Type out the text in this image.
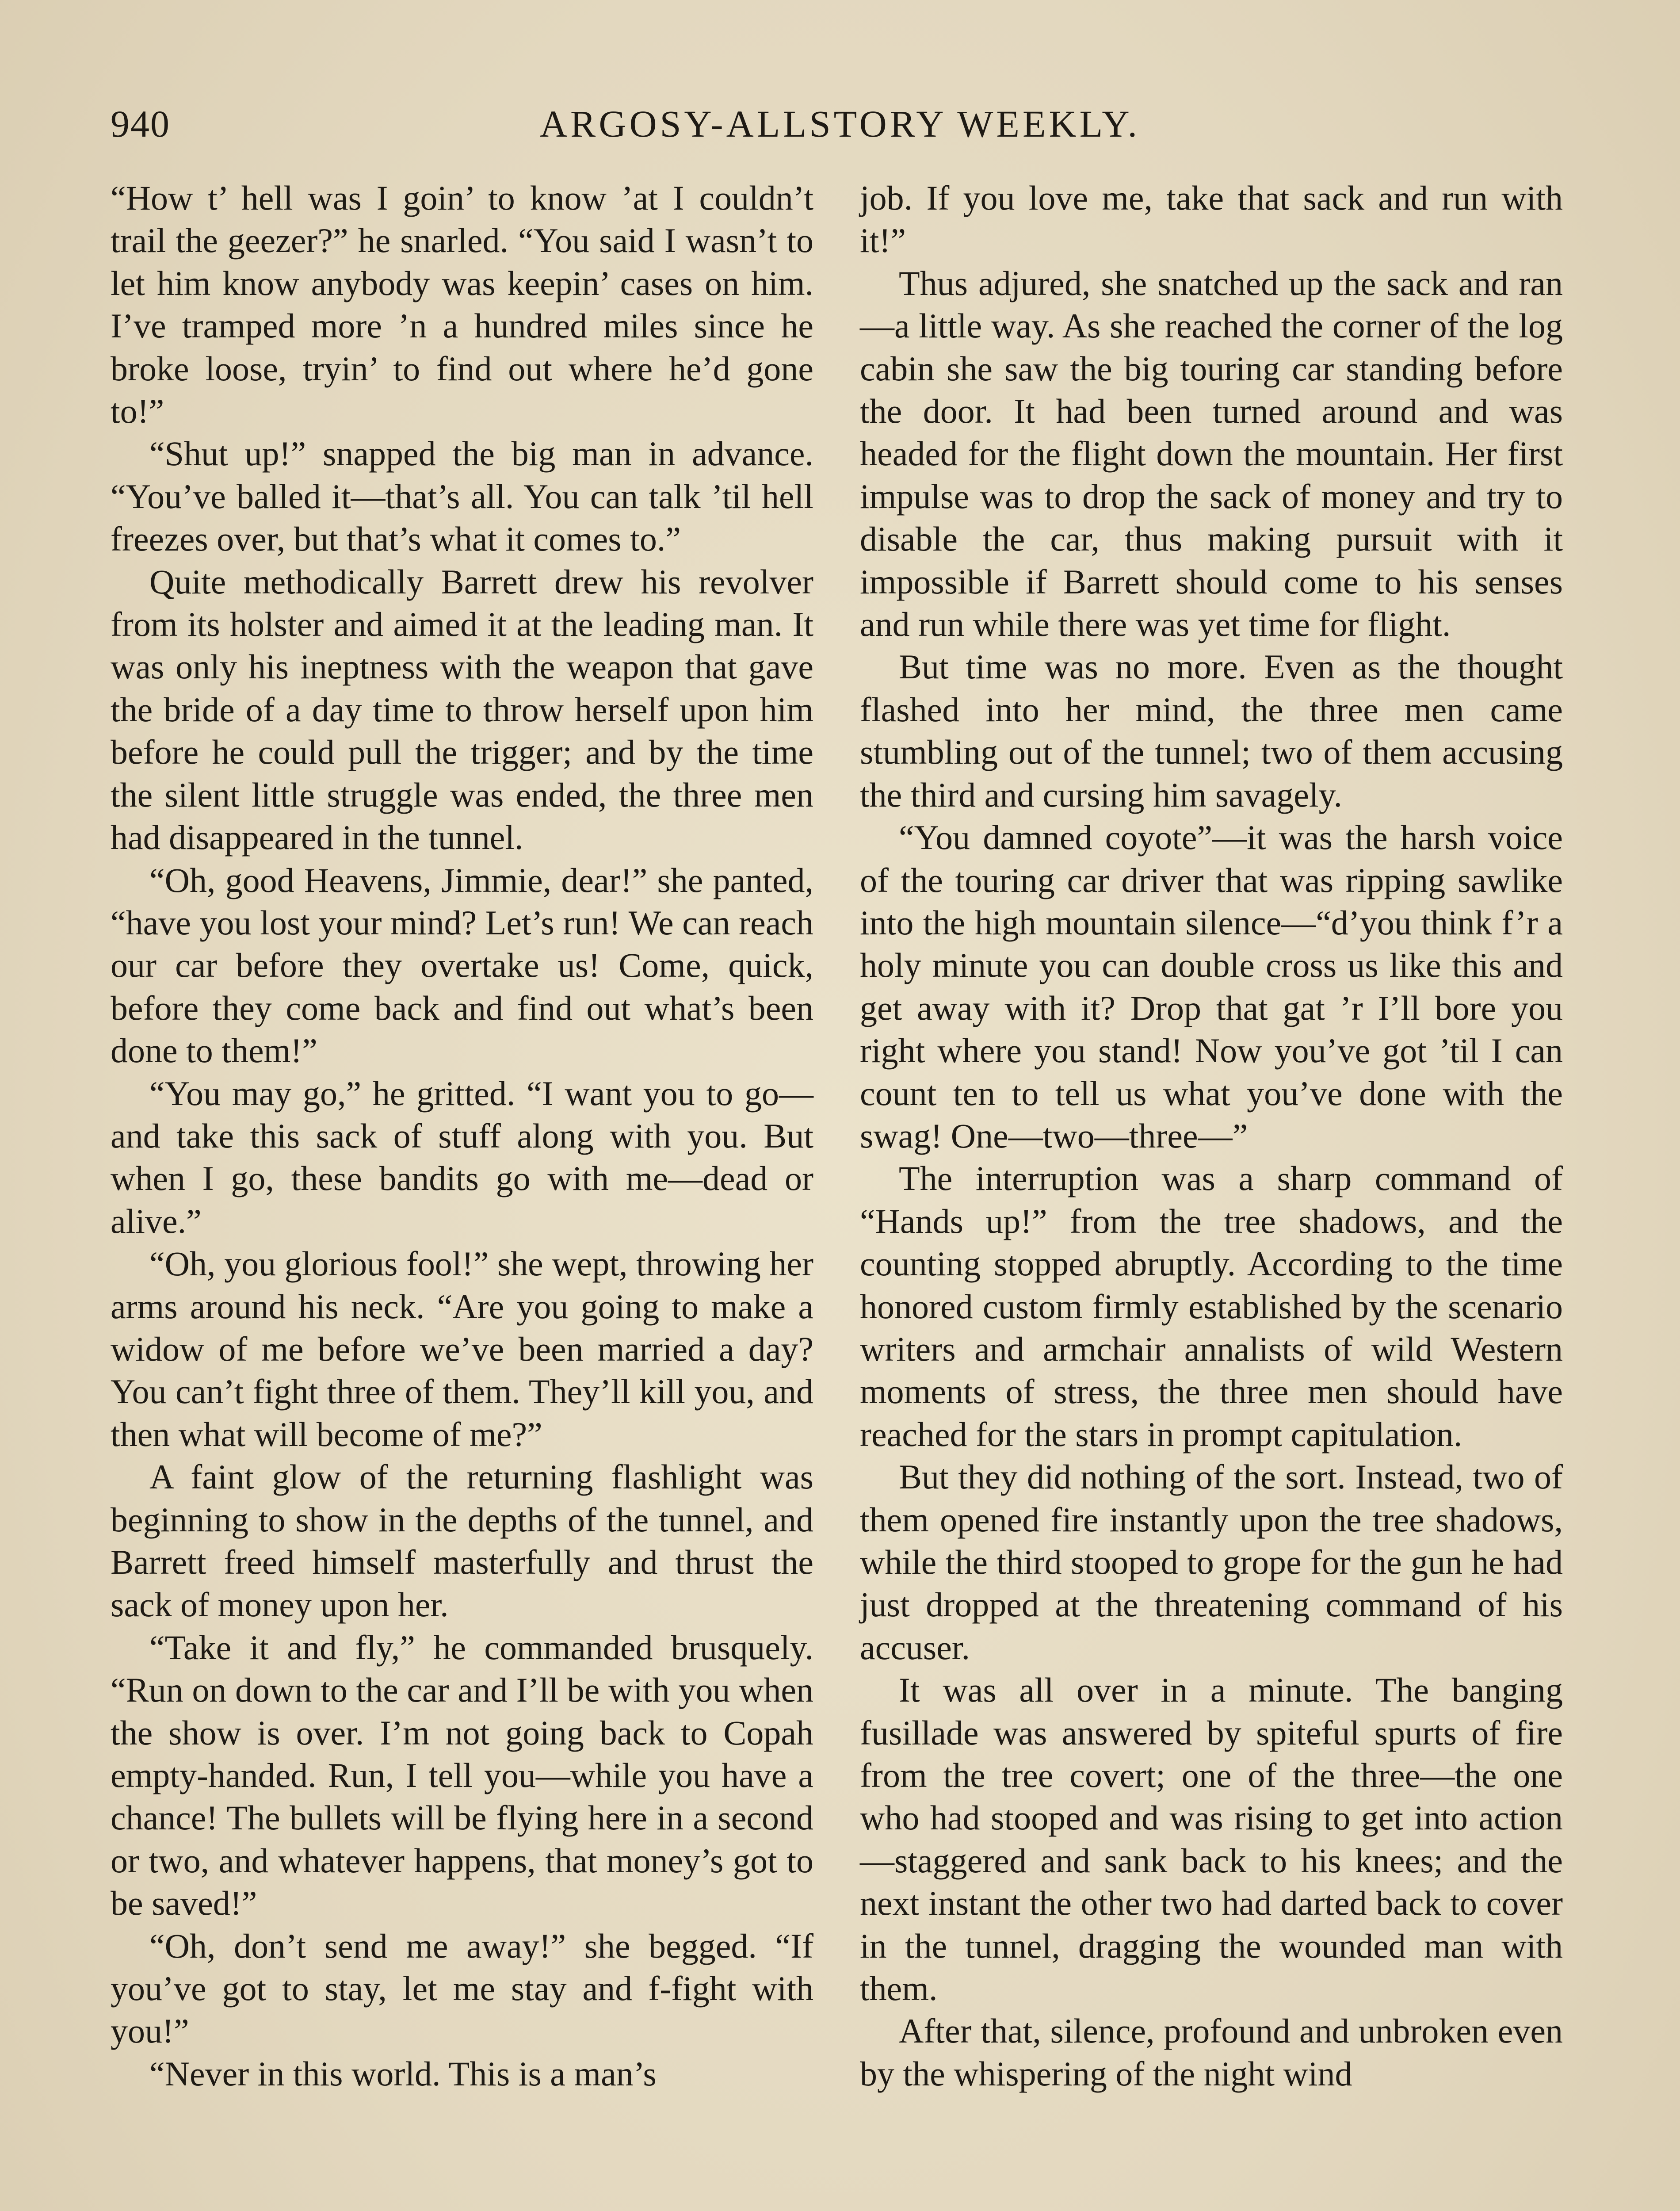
940	ARGOSY-ALLSTORY WEEKLY.

“How t’ hell was I goin’ to know ’at I couldn’t trail the geezer?” he snarled. “You said I wasn’t to let him know anybody was keepin’ cases on him. I’ve tramped more ’n a hundred miles since he broke loose, tryin’ to find out where he’d gone to!”

“Shut up!” snapped the big man in advance. “You’ve balled it—that’s all. You can talk ’til hell freezes over, but that’s what it comes to.”

Quite methodically Barrett drew his revolver from its holster and aimed it at the leading man. It was only his ineptness with the weapon that gave the bride of a day time to throw herself upon him before he could pull the trigger; and by the time the silent little struggle was ended, the three men had disappeared in the tunnel.

“Oh, good Heavens, Jimmie, dear!” she panted, “have you lost your mind? Let’s run! We can reach our car before they overtake us! Come, quick, before they come back and find out what’s been done to them!”

“You may go,” he gritted. “I want you to go—and take this sack of stuff along with you. But when I go, these bandits go with me—dead or alive.”

“Oh, you glorious fool!” she wept, throwing her arms around his neck. “Are you going to make a widow of me before we’ve been married a day? You can’t fight three of them. They’ll kill you, and then what will become of me?”

A faint glow of the returning flashlight was beginning to show in the depths of the tunnel, and Barrett freed himself masterfully and thrust the sack of money upon her.

“Take it and fly,” he commanded brusquely. “Run on down to the car and I’ll be with you when the show is over. I’m not going back to Copah empty-handed. Run, I tell you—while you have a chance! The bullets will be flying here in a second or two, and whatever happens, that money’s got to be saved!”

“Oh, don’t send me away!” she begged. “If you’ve got to stay, let me stay and f-fight with you!”

“Never in this world. This is a man’s

job. If you love me, take that sack and run with it!”

Thus adjured, she snatched up the sack and ran—a little way. As she reached the corner of the log cabin she saw the big touring car standing before the door. It had been turned around and was headed for the flight down the mountain. Her first impulse was to drop the sack of money and try to disable the car, thus making pursuit with it impossible if Barrett should come to his senses and run while there was yet time for flight.

But time was no more. Even as the thought flashed into her mind, the three men came stumbling out of the tunnel; two of them accusing the third and cursing him savagely.

“You damned coyote”—it was the harsh voice of the touring car driver that was ripping sawlike into the high mountain silence—“d’you think f’r a holy minute you can double cross us like this and get away with it? Drop that gat ’r I’ll bore you right where you stand! Now you’ve got ’til I can count ten to tell us what you’ve done with the swag! One—two—three—”

The interruption was a sharp command of “Hands up!” from the tree shadows, and the counting stopped abruptly. According to the time honored custom firmly established by the scenario writers and armchair annalists of wild Western moments of stress, the three men should have reached for the stars in prompt capitulation.

But they did nothing of the sort. Instead, two of them opened fire instantly upon the tree shadows, while the third stooped to grope for the gun he had just dropped at the threatening command of his accuser.

It was all over in a minute. The banging fusillade was answered by spiteful spurts of fire from the tree covert; one of the three—the one who had stooped and was rising to get into action—staggered and sank back to his knees; and the next instant the other two had darted back to cover in the tunnel, dragging the wounded man with them.

After that, silence, profound and unbroken even by the whispering of the night wind
